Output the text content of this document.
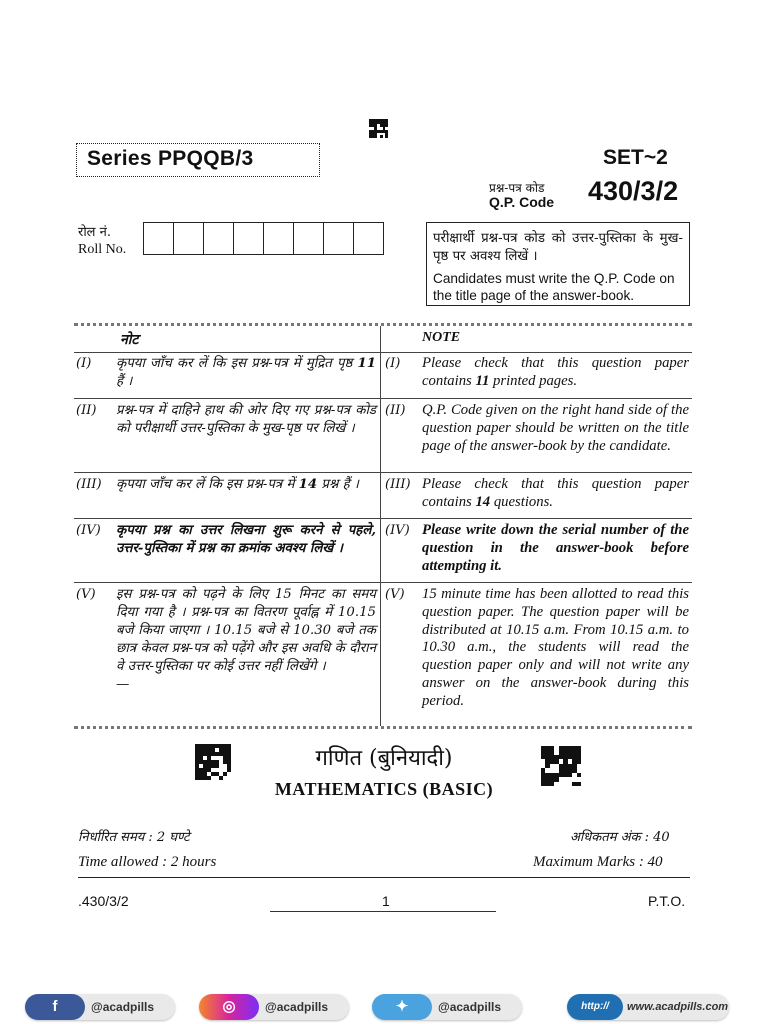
Series PPQQB/3	SET~2
प्रश्न-पत्र कोड
Q.P. Code 430/3/2
रोल नं.
Roll No.
परीक्षार्थी प्रश्न-पत्र कोड को उत्तर-पुस्तिका के मुख-पृष्ठ पर अवश्य लिखें ।
Candidates must write the Q.P. Code on the title page of the answer-book.
नोट	NOTE
(I) कृपया जाँच कर लें कि इस प्रश्न-पत्र में मुद्रित पृष्ठ 11 हैं ।
(I) Please check that this question paper contains 11 printed pages.
(II) प्रश्न-पत्र में दाहिने हाथ की ओर दिए गए प्रश्न-पत्र कोड को परीक्षार्थी उत्तर-पुस्तिका के मुख-पृष्ठ पर लिखें ।
(II) Q.P. Code given on the right hand side of the question paper should be written on the title page of the answer-book by the candidate.
(III) कृपया जाँच कर लें कि इस प्रश्न-पत्र में 14 प्रश्न हैं ।	(III) Please check that this question paper contains 14 questions.
(IV) कृपया प्रश्न का उत्तर लिखना शुरू करने से पहले, उत्तर-पुस्तिका में प्रश्न का क्रमांक अवश्य लिखें ।
(IV) Please write down the serial number of the question in the answer-book before attempting it.
(V) इस प्रश्न-पत्र को पढ़ने के लिए 15 मिनट का समय दिया गया है । प्रश्न-पत्र का वितरण पूर्वाह्न में 10.15 बजे किया जाएगा । 10.15 बजे से 10.30 बजे तक छात्र केवल प्रश्न-पत्र को पढ़ेंगे और इस अवधि के दौरान वे उत्तर-पुस्तिका पर कोई उत्तर नहीं लिखेंगे ।
—
(V) 15 minute time has been allotted to read this question paper. The question paper will be distributed at 10.15 a.m. From 10.15 a.m. to 10.30 a.m., the students will read the question paper only and will not write any answer on the answer-book during this period.
गणित (बुनियादी)
MATHEMATICS (BASIC)
निर्धारित समय : 2 घण्टे	अधिकतम अंक : 40
Time allowed : 2 hours	Maximum Marks : 40
.430/3/2	1	P.T.O.
f	@acadpills	◎	@acadpills	✦	@acadpills	http://	www.acadpills.com
